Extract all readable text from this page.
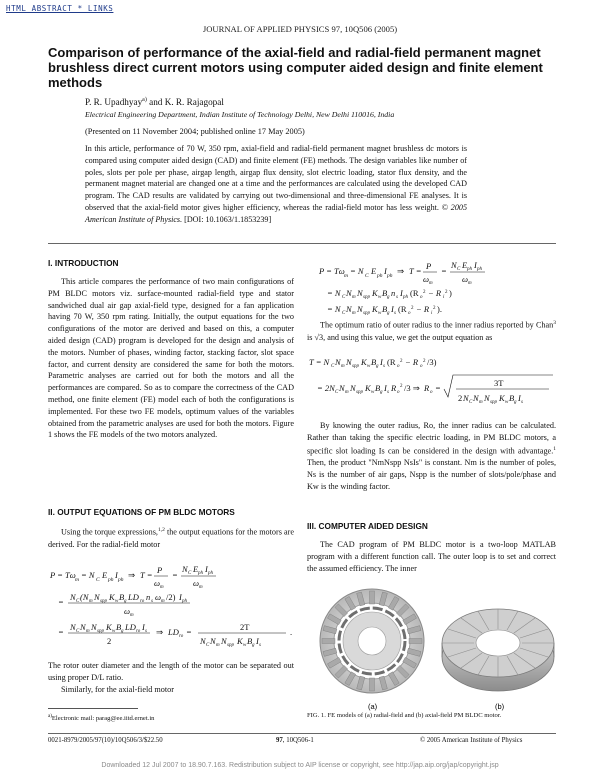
HTML ABSTRACT * LINKS
JOURNAL OF APPLIED PHYSICS 97, 10Q506 (2005)
Comparison of performance of the axial-field and radial-field permanent magnet brushless direct current motors using computer aided design and finite element methods
P. R. Upadhyay$^{a)}$ and K. R. Rajagopal
Electrical Engineering Department, Indian Institute of Technology Delhi, New Delhi 110016, India
(Presented on 11 November 2004; published online 17 May 2005)
In this article, performance of 70 W, 350 rpm, axial-field and radial-field permanent magnet brushless dc motors is compared using computer aided design (CAD) and finite element (FE) methods. The design variables like number of poles, slots per pole per phase, airgap length, airgap flux density, slot electric loading, stator flux density, and the permanent magnet material are changed one at a time and the performances are calculated using the developed CAD program. The CAD results are validated by carrying out two-dimensional and three-dimensional FE analyses. It is observed that the axial-field motor gives higher efficiency, whereas the radial-field motor has less weight. © 2005 American Institute of Physics. [DOI: 10.1063/1.1853239]
I. INTRODUCTION

This article compares the performance of two main configurations of PM BLDC motors viz. surface-mounted radial-field type and stator sandwiched dual air gap axial-field type, designed for a fan application having 70 W, 350 rpm rating. Initially, the output equations for the two configurations of the motor are derived and based on this, a computer aided design (CAD) program is developed for the design and analysis of the motors. Number of phases, winding factor, stacking factor, slot space factor, and current density are considered the same for both the motors. Parametric analyses are carried out for both the motors and all the performances are compared. So as to compare the correctness of the CAD method, one finite element (FE) model each of both the configurations is implemented. For these two FE models, optimum values of the variables obtained from the parametric analyses are used for both the motors. Figure 1 shows the FE models of the two motors analyzed.

II. OUTPUT EQUATIONS OF PM BLDC MOTORS

Using the torque expressions,$^{1,2}$ the output equations for the motors are derived. For the radial-field motor

P = Tω m = N C E ph I ph ⇒ T = P
ω m
=
N C E ph I ph
ω m
= N C (N m N spp K w B g LD ro n s ω m /2) I ph
ω m
= N C N m N spp K w B g LD ro I s
2
⇒ LD ro =	2T
N C N m N spp K w B g I s
.

The rotor outer diameter and the length of the motor can be separated out using proper D/L ratio.

Similarly, for the axial-field motor

P = Tω m = N C E ph I ph ⇒ T = P
ω m
=
N C E ph I ph
ω m
= N C N m N spp K w B g n s I ph (R o
2 − R i
2 )
= N C N m N spp K w B g I s (R o
2 − R i
2 ).

The optimum ratio of outer radius to the inner radius reported by Chan$^3$ is √3, and using this value, we get the output equation as

T = N C N m N spp K w B g I s (R o
2 − R o
2 /3)
= 2N C N m N spp K w B g I s R o
2 /3 ⇒ R o =	3T
2 N C N m N spp K w B g I s

By knowing the outer radius, Ro, the inner radius can be calculated. Rather than taking the specific electric loading, in PM BLDC motors, a specific slot loading Is can be considered in the design with advantage.$^1$ Then, the product "NmNspp NsIs" is constant. Nm is the number of poles, Ns is the number of air gaps, Nspp is the number of slots/pole/phase and Kw is the winding factor.

III. COMPUTER AIDED DESIGN

The CAD program of PM BLDC motor is a two-loop MATLAB program with a different function call. The outer loop is to set and correct the assumed efficiency. The inner

(a)	(b)
FIG. 1. FE models of (a) radial-field and (b) axial-field PM BLDC motor.
$^{a)}$Electronic mail: parag@ee.iitd.ernet.in
0021-8979/2005/97(10)/10Q506/3/$22.50	97, 10Q506-1	© 2005 American Institute of Physics
Downloaded 12 Jul 2007 to 18.90.7.163. Redistribution subject to AIP license or copyright, see http://jap.aip.org/jap/copyright.jsp
